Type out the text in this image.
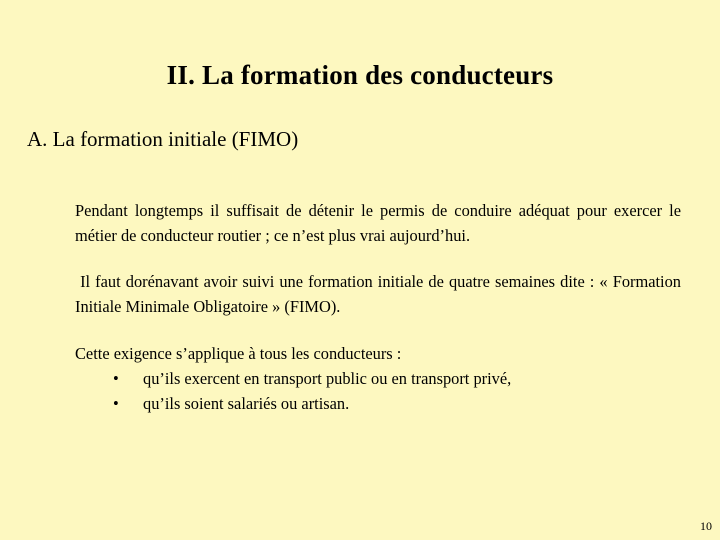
II. La formation des conducteurs
A. La formation initiale (FIMO)
Pendant longtemps il suffisait de détenir le permis de conduire adéquat pour exercer le métier de conducteur routier ; ce n’est plus vrai aujourd’hui.
Il faut dorénavant avoir suivi une formation initiale de quatre semaines dite : « Formation Initiale Minimale Obligatoire » (FIMO).
Cette exigence s’applique à tous les conducteurs :
• qu’ils exercent en transport public ou en transport privé,
• qu’ils soient salariés ou artisan.
10
